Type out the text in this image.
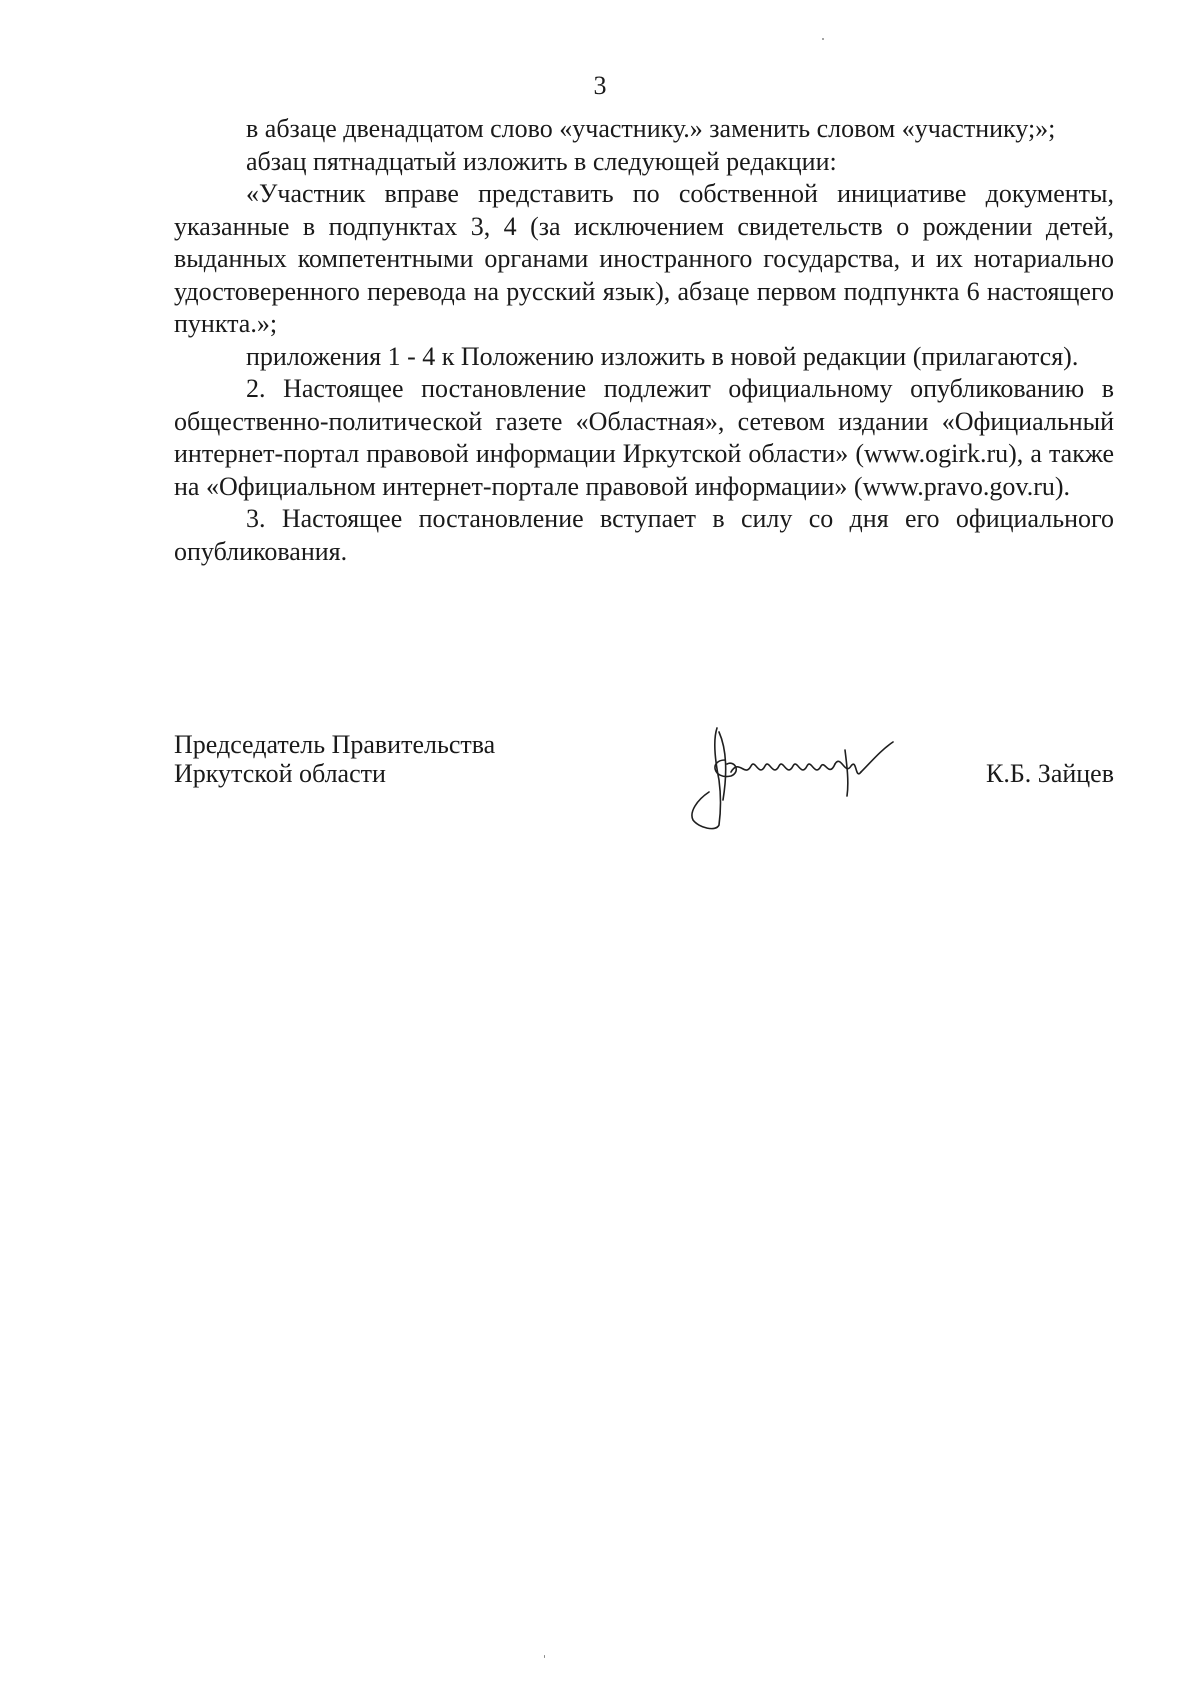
3

в абзаце двенадцатом слово «участнику.» заменить словом «участнику;»;

абзац пятнадцатый изложить в следующей редакции:

«Участник вправе представить по собственной инициативе документы, указанные в подпунктах 3, 4 (за исключением свидетельств о рождении детей, выданных компетентными органами иностранного государства, и их нотариально удостоверенного перевода на русский язык), абзаце первом подпункта 6 настоящего пункта.»;

приложения 1 - 4 к Положению изложить в новой редакции (прилагаются).

2. Настоящее постановление подлежит официальному опубликованию в общественно-политической газете «Областная», сетевом издании «Официальный интернет-портал правовой информации Иркутской области» (www.ogirk.ru), а также на «Официальном интернет-портале правовой информации» (www.pravo.gov.ru).

3. Настоящее постановление вступает в силу со дня его официального опубликования.

Председатель Правительства
Иркутской области	К.Б. Зайцев
